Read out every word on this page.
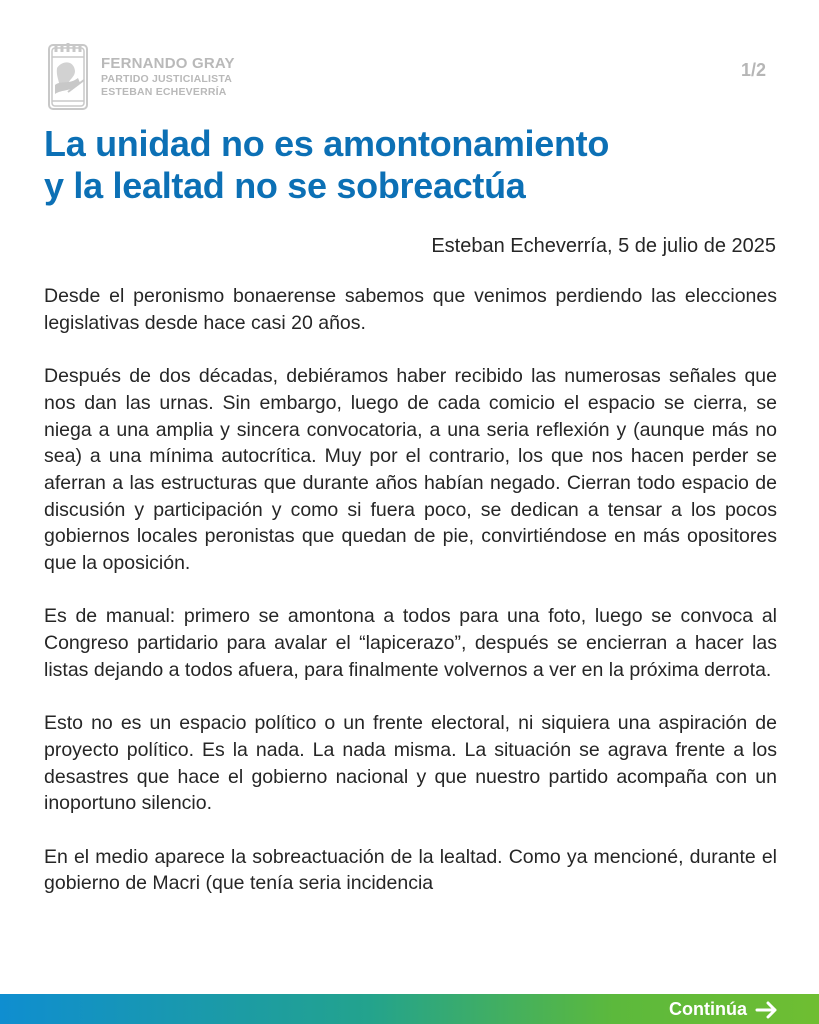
FERNANDO GRAY
PARTIDO JUSTICIALISTA
ESTEBAN ECHEVERRÍA
1/2
La unidad no es amontonamiento
y la lealtad no se sobreactúa
Esteban Echeverría, 5 de julio de 2025

Desde el peronismo bonaerense sabemos que venimos perdiendo las elecciones legislativas desde hace casi 20 años.

Después de dos décadas, debiéramos haber recibido las numerosas señales que nos dan las urnas. Sin embargo, luego de cada comicio el espacio se cierra, se niega a una amplia y sincera convocatoria, a una seria reflexión y (aunque más no sea) a una mínima autocrítica. Muy por el contrario, los que nos hacen perder se aferran a las estructuras que durante años habían negado. Cierran todo espacio de discusión y participación y como si fuera poco, se dedican a tensar a los pocos gobiernos locales peronistas que quedan de pie, convirtiéndose en más opositores que la oposición.

Es de manual: primero se amontona a todos para una foto, luego se convoca al Congreso partidario para avalar el “lapicerazo”, después se encierran a hacer las listas dejando a todos afuera, para finalmente volvernos a ver en la próxima derrota.

Esto no es un espacio político o un frente electoral, ni siquiera una aspiración de proyecto político. Es la nada. La nada misma. La situación se agrava frente a los desastres que hace el gobierno nacional y que nuestro partido acompaña con un inoportuno silencio.

En el medio aparece la sobreactuación de la lealtad. Como ya mencioné, durante el gobierno de Macri (que tenía seria incidencia

Continúa
